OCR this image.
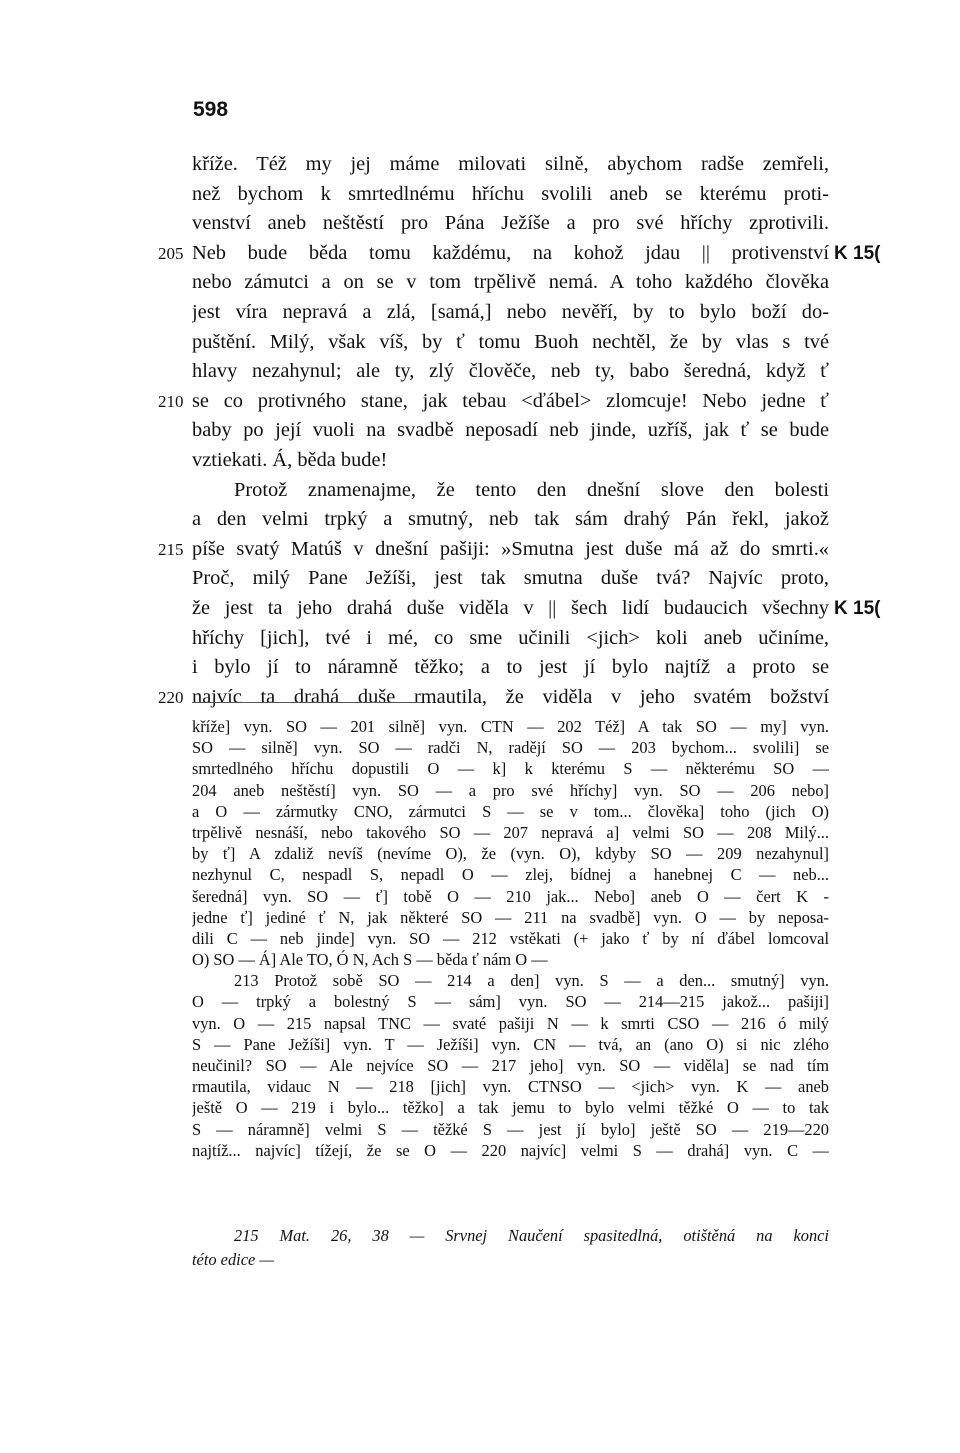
598
kříže. Též my jej máme milovati silně, abychom radše zemřeli,
než bychom k smrtedlnému hříchu svolili aneb se kterému proti-
venství aneb neštěstí pro Pána Ježíše a pro své hříchy zprotivili.
205 Neb bude běda tomu každému, na kohož jdau || protivenství K 15(
nebo zámutci a on se v tom trpělivě nemá. A toho každého člověka
jest víra nepravá a zlá, [samá,] nebo nevěří, by to bylo boží do-
puštění. Milý, však víš, by ť tomu Buoh nechtěl, že by vlas s tvé
hlavy nezahynul; ale ty, zlý člověče, neb ty, babo šeredná, když ť
210 se co protivného stane, jak tebau <ďábel> zlomcuje! Nebo jedne ť
baby po její vuoli na svadbě neposadí neb jinde, uzříš, jak ť se bude
vztiekati. Á, běda bude!
Protož znamenajme, že tento den dnešní slove den bolesti
a den velmi trpký a smutný, neb tak sám drahý Pán řekl, jakož
215 píše svatý Matúš v dnešní pašiji: »Smutna jest duše má až do smrti.«
Proč, milý Pane Ježíši, jest tak smutna duše tvá? Najvíc proto,
že jest ta jeho drahá duše viděla v || šech lidí budaucich všechny K 15(
hříchy [jich], tvé i mé, co sme učinili <jich> koli aneb učiníme,
i bylo jí to náramně těžko; a to jest jí bylo najtíž a proto se
220 najvíc ta drahá duše rmautila, že viděla v jeho svatém božství
kříže] vyn. SO — 201 silně] vyn. CTN — 202 Též] A tak SO — my] vyn.
SO — silně] vyn. SO — radči N, radějí SO — 203 bychom... svolili] se
smrtedlného hříchu dopustili O — k] k kterému S — některému SO —
204 aneb neštěstí] vyn. SO — a pro své hříchy] vyn. SO — 206 nebo]
a O — zármutky CNO, zármutci S — se v tom... člověka] toho (jich O)
trpělivě nesnáší, nebo takového SO — 207 nepravá a] velmi SO — 208 Milý...
by ť] A zdaliž nevíš (nevíme O), že (vyn. O), kdyby SO — 209 nezahynul]
nezhynul C, nespadl S, nepadl O — zlej, bídnej a hanebnej C — neb...
šeredná] vyn. SO — ť] tobě O — 210 jak... Nebo] aneb O — čert K -
jedne ť] jediné ť N, jak některé SO — 211 na svadbě] vyn. O — by neposa-
dili C — neb jinde] vyn. SO — 212 vstěkati (+ jako ť by ní ďábel lomcoval
O) SO — Á] Ale TO, Ó N, Ach S — běda ť nám O —
213 Protož sobě SO — 214 a den] vyn. S — a den... smutný] vyn.
O — trpký a bolestný S — sám] vyn. SO — 214—215 jakož... pašiji]
vyn. O — 215 napsal TNC — svaté pašiji N — k smrti CSO — 216 ó milý
S — Pane Ježíši] vyn. T — Ježíši] vyn. CN — tvá, an (ano O) si nic zlého
neučinil? SO — Ale nejvíce SO — 217 jeho] vyn. SO — viděla] se nad tím
rmautila, vidauc N — 218 [jich] vyn. CTNSO — <jich> vyn. K — aneb
ještě O — 219 i bylo... těžko] a tak jemu to bylo velmi těžké O — to tak
S — náramně] velmi S — těžké S — jest jí bylo] ještě SO — 219—220
najtíž... najvíc] tížejí, že se O — 220 najvíc] velmi S — drahá] vyn. C —
215 Mat. 26, 38 — Srvnej Naučení spasitedlná, otištěná na konci
této edice —
